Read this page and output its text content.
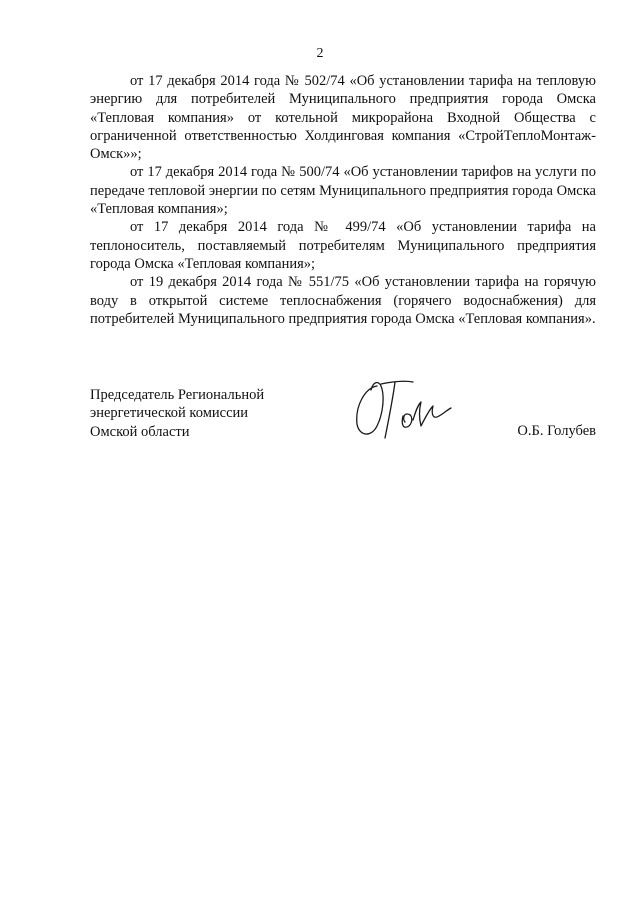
2

от 17 декабря 2014 года № 502/74 «Об установлении тарифа на тепловую энергию для потребителей Муниципального предприятия города Омска «Тепловая компания» от котельной микрорайона Входной Общества с ограниченной ответственностью Холдинговая компания «СтройТеплоМонтаж-Омск»»;

от 17 декабря 2014 года № 500/74 «Об установлении тарифов на услуги по передаче тепловой энергии по сетям Муниципального предприятия города Омска «Тепловая компания»;

от 17 декабря 2014 года № 499/74 «Об установлении тарифа на теплоноситель, поставляемый потребителям Муниципального предприятия города Омска «Тепловая компания»;

от 19 декабря 2014 года № 551/75 «Об установлении тарифа на горячую воду в открытой системе теплоснабжения (горячего водоснабжения) для потребителей Муниципального предприятия города Омска «Тепловая компания».

Председатель Региональной
энергетической комиссии
Омской области	О.Б. Голубев
